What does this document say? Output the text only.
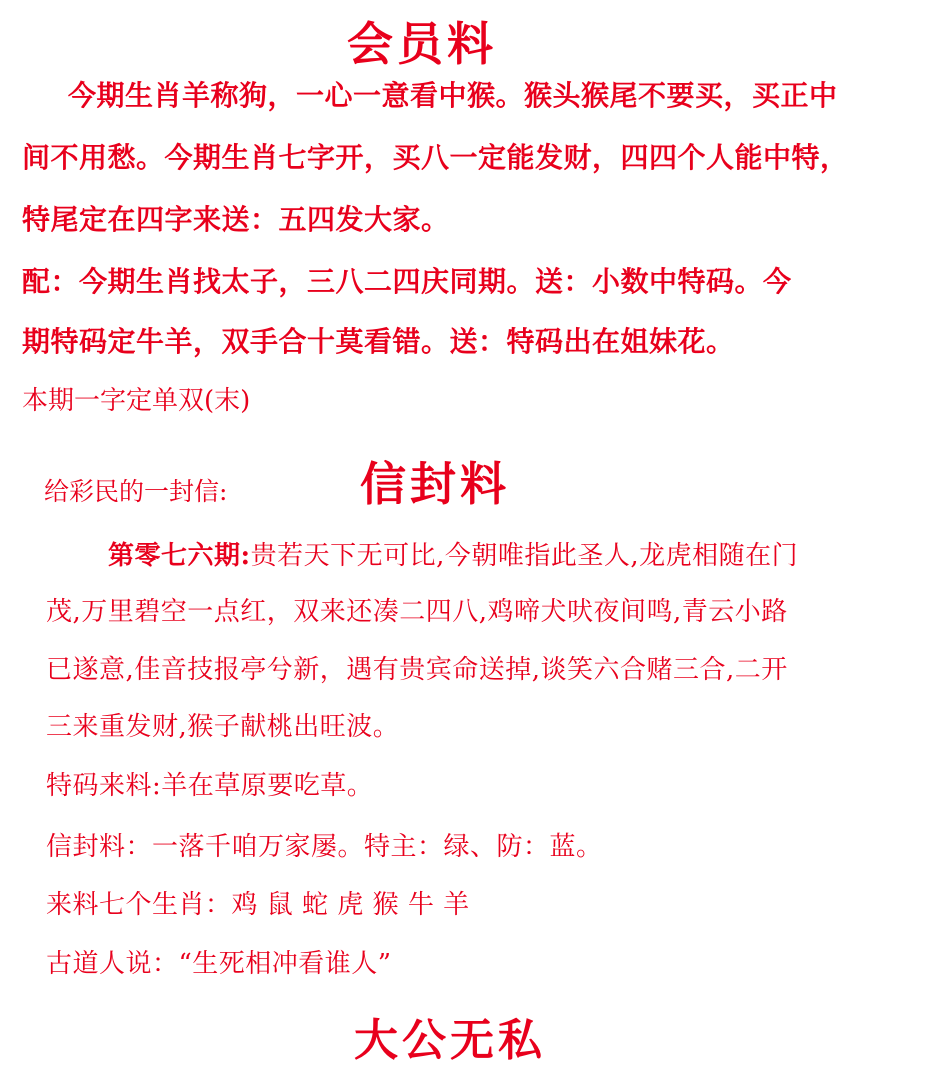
会员料
今期生肖羊称狗，一心一意看中猴。猴头猴尾不要买，买正中
间不用愁。今期生肖七字开，买八一定能发财，四四个人能中特，
特尾定在四字来送：五四发大家。
配：今期生肖找太子，三八二四庆同期。送：小数中特码。今
期特码定牛羊，双手合十莫看错。送：特码出在姐妹花。
本期一字定单双(末)
给彩民的一封信:	信封料
第零七六期:贵若天下无可比,今朝唯指此圣人,龙虎相随在门
茂,万里碧空一点红，双来还凑二四八,鸡啼犬吠夜间鸣,青云小路
已遂意,佳音技报亭兮新，遇有贵宾命送掉,谈笑六合赌三合,二开
三来重发财,猴子献桃出旺波。
特码来料:羊在草原要吃草。
信封料：一落千咱万家屡。特主：绿、防：蓝。
来料七个生肖：鸡 鼠 蛇 虎 猴 牛 羊
古道人说：“生死相冲看谁人”
大公无私
